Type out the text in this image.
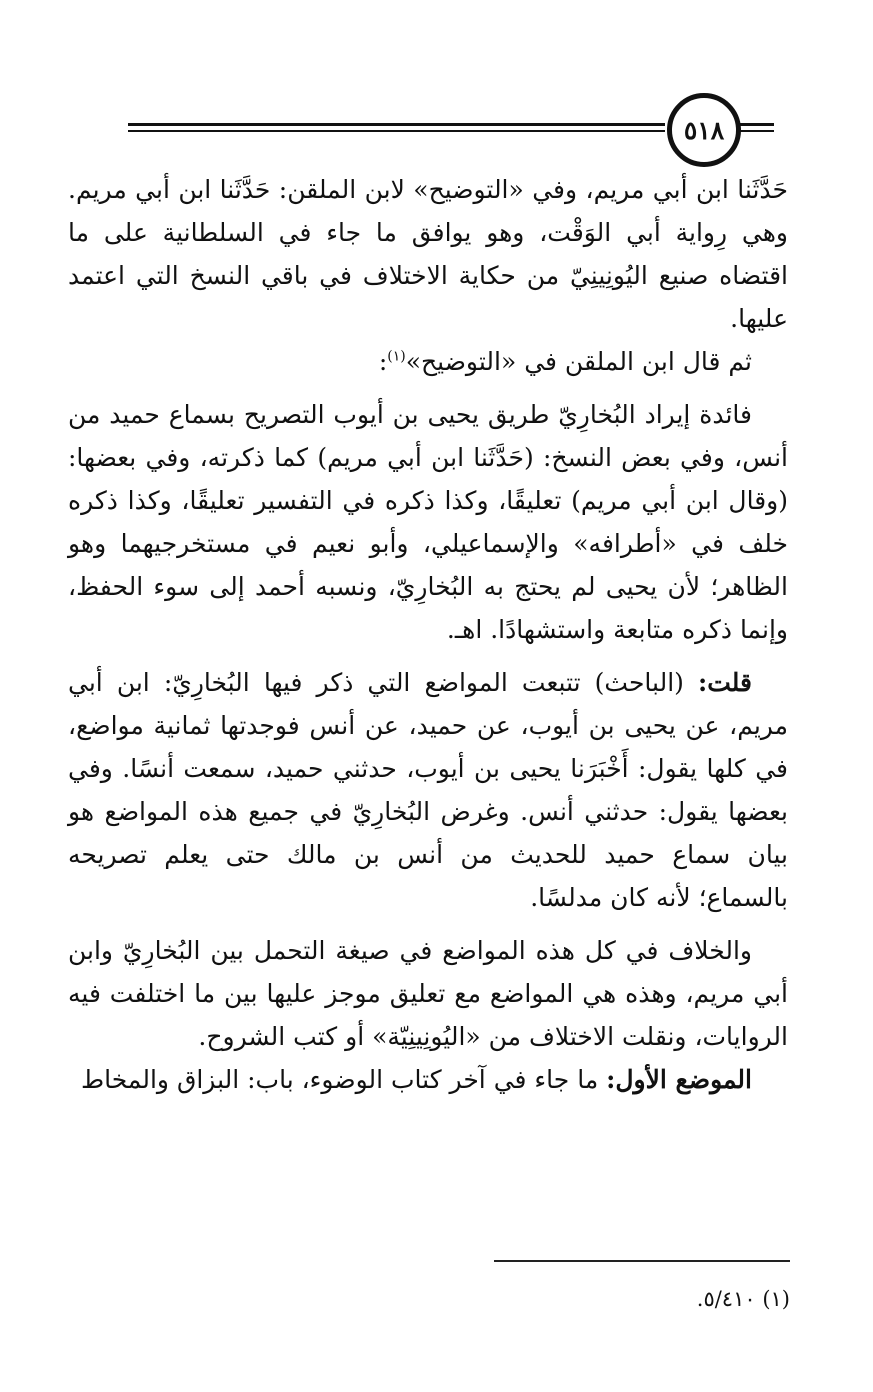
٥١٨

حَدَّثَنا ابن أبي مريم، وفي «التوضيح» لابن الملقن: حَدَّثَنا ابن أبي مريم. وهي رِواية أبي الوَقْت، وهو يوافق ما جاء في السلطانية على ما اقتضاه صنيع اليُونِينِيّ من حكاية الاختلاف في باقي النسخ التي اعتمد عليها.

ثم قال ابن الملقن في «التوضيح»$^{(١)}$:

فائدة إيراد البُخارِيّ طريق يحيى بن أيوب التصريح بسماع حميد من أنس، وفي بعض النسخ: (حَدَّثَنا ابن أبي مريم) كما ذكرته، وفي بعضها: (وقال ابن أبي مريم) تعليقًا، وكذا ذكره في التفسير تعليقًا، وكذا ذكره خلف في «أطرافه» والإسماعيلي، وأبو نعيم في مستخرجيهما وهو الظاهر؛ لأن يحيى لم يحتج به البُخارِيّ، ونسبه أحمد إلى سوء الحفظ، وإنما ذكره متابعة واستشهادًا. اهـ.

قلت: (الباحث) تتبعت المواضع التي ذكر فيها البُخارِيّ: ابن أبي مريم، عن يحيى بن أيوب، عن حميد، عن أنس فوجدتها ثمانية مواضع، في كلها يقول: أَخْبَرَنا يحيى بن أيوب، حدثني حميد، سمعت أنسًا. وفي بعضها يقول: حدثني أنس. وغرض البُخارِيّ في جميع هذه المواضع هو بيان سماع حميد للحديث من أنس بن مالك حتى يعلم تصريحه بالسماع؛ لأنه كان مدلسًا.

والخلاف في كل هذه المواضع في صيغة التحمل بين البُخارِيّ وابن أبي مريم، وهذه هي المواضع مع تعليق موجز عليها بين ما اختلفت فيه الروايات، ونقلت الاختلاف من «اليُونِينِيّة» أو كتب الشروح.

الموضع الأول: ما جاء في آخر كتاب الوضوء، باب: البزاق والمخاط

(١) ٥/٤١٠.
